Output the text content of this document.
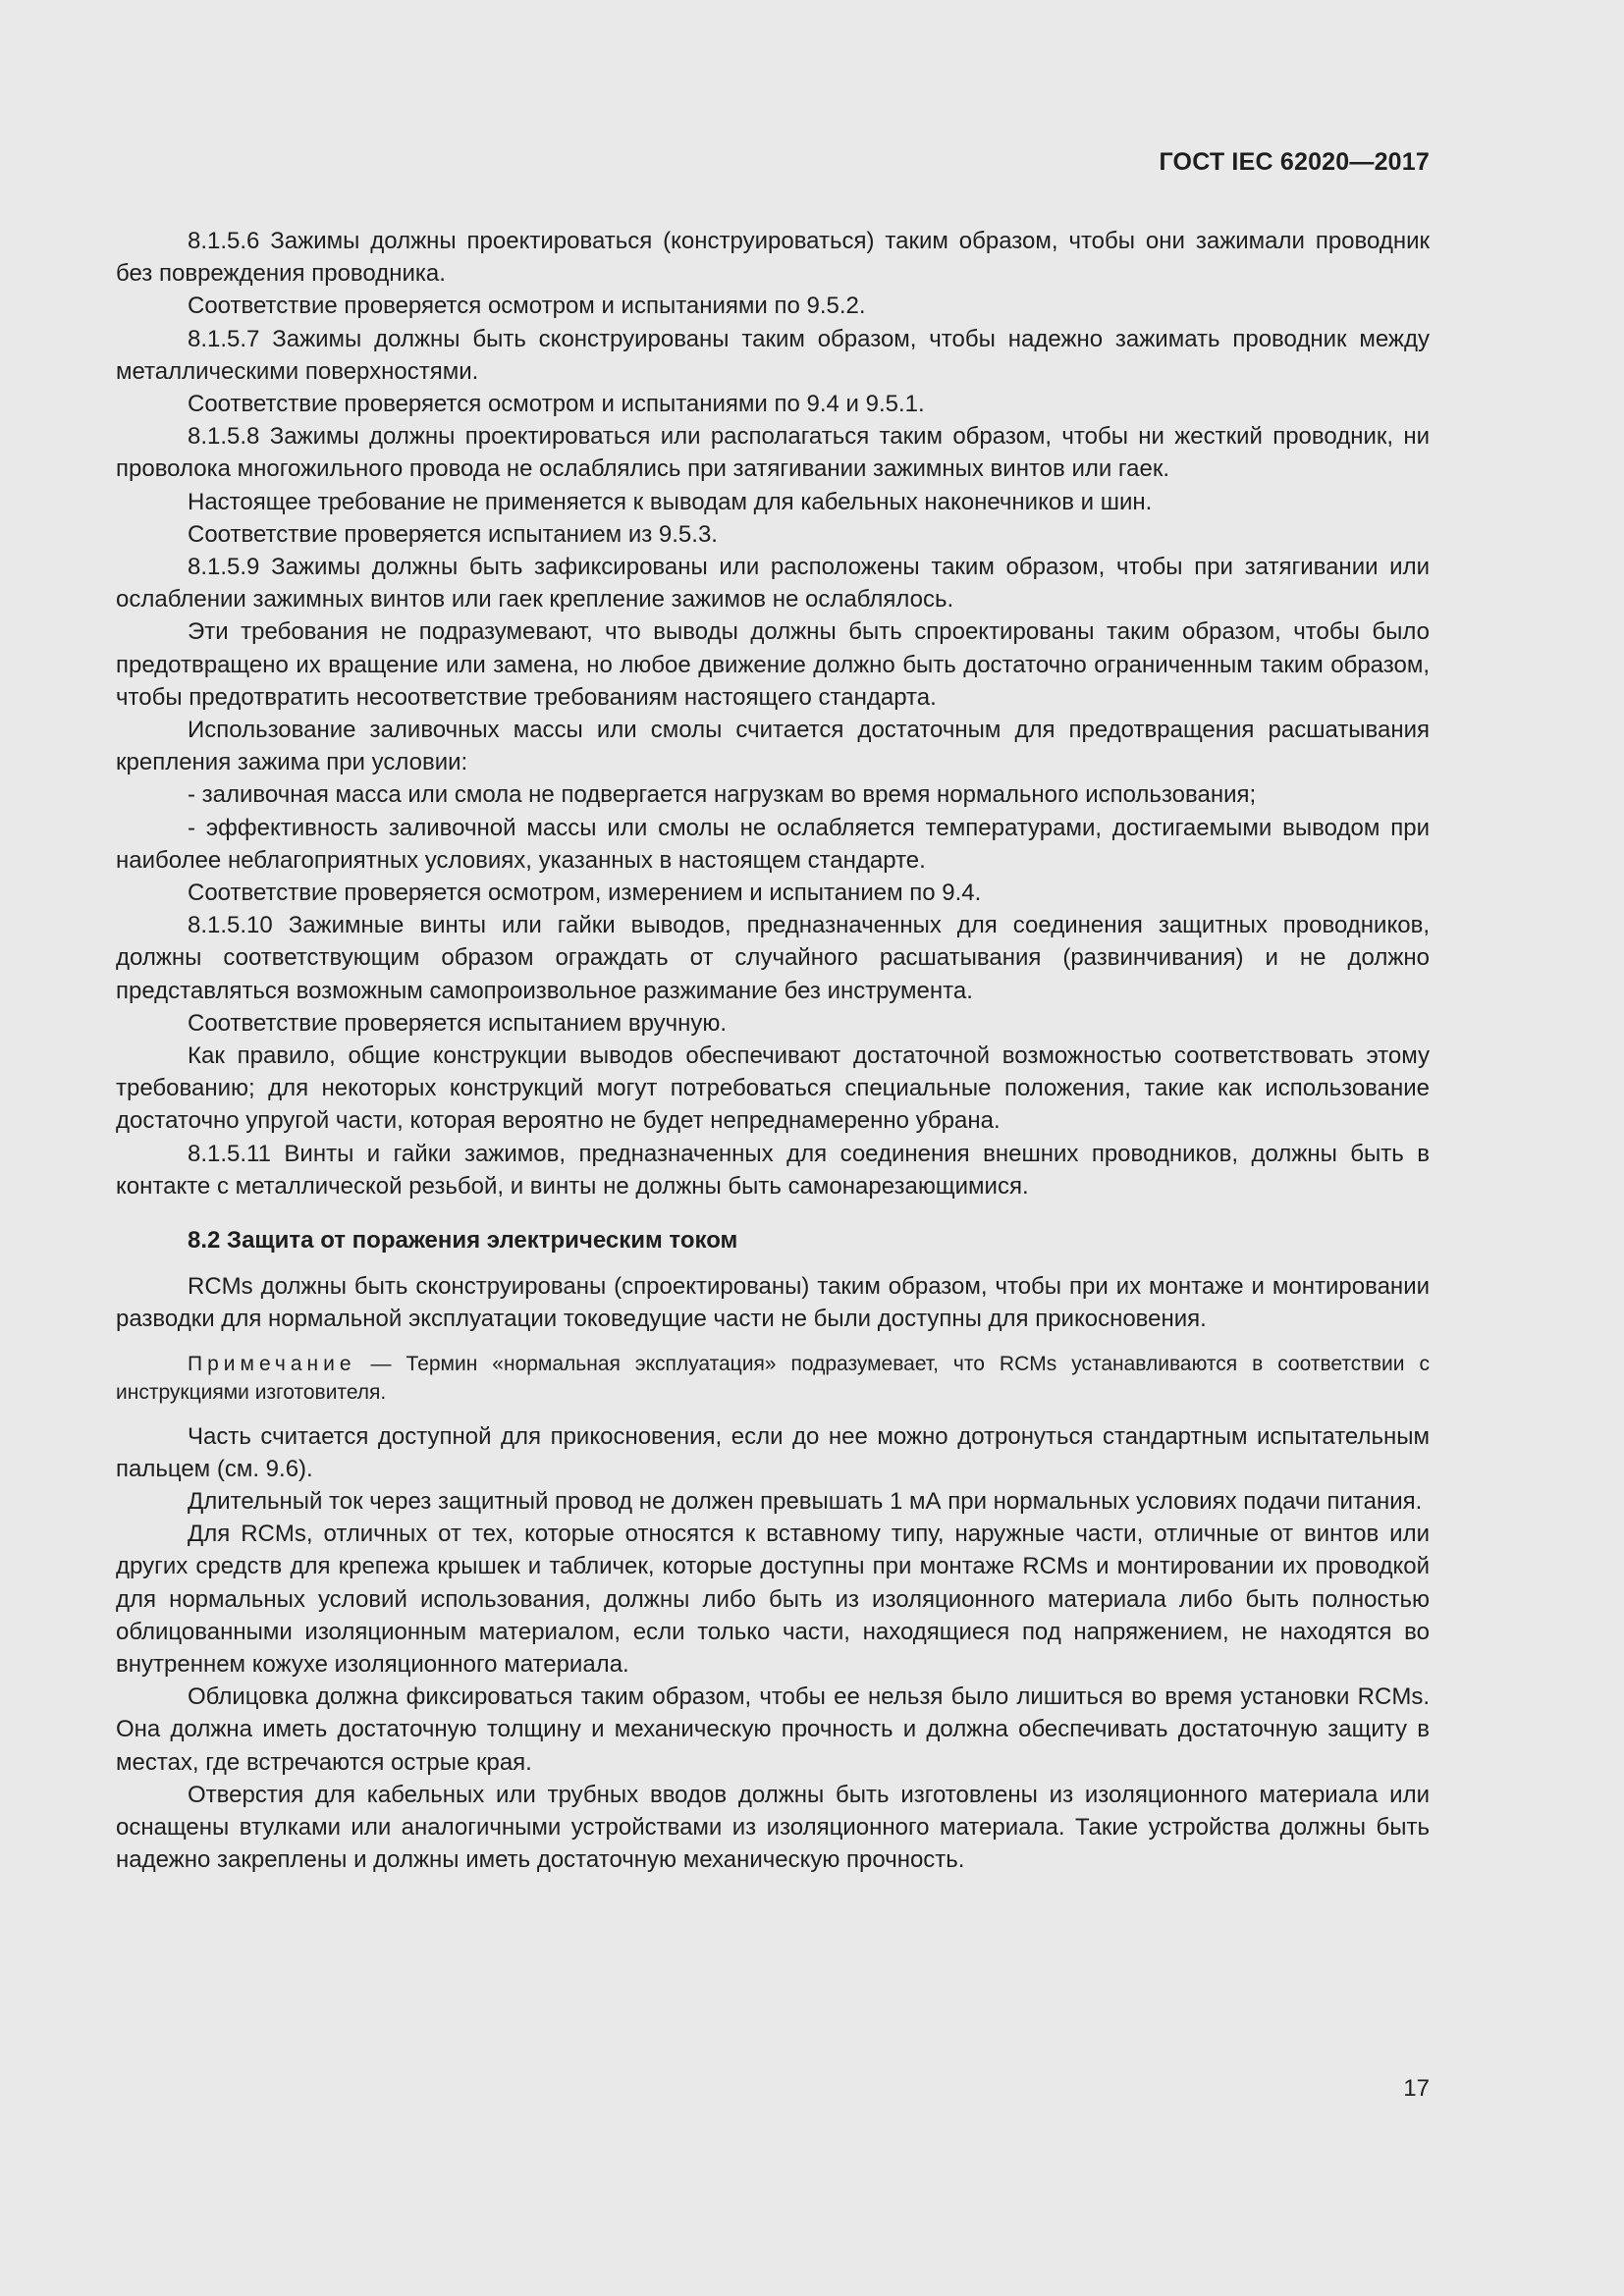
ГОСТ IEC 62020—2017

8.1.5.6 Зажимы должны проектироваться (конструироваться) таким образом, чтобы они зажимали проводник без повреждения проводника.

Соответствие проверяется осмотром и испытаниями по 9.5.2.

8.1.5.7 Зажимы должны быть сконструированы таким образом, чтобы надежно зажимать проводник между металлическими поверхностями.

Соответствие проверяется осмотром и испытаниями по 9.4 и 9.5.1.

8.1.5.8 Зажимы должны проектироваться или располагаться таким образом, чтобы ни жесткий проводник, ни проволока многожильного провода не ослаблялись при затягивании зажимных винтов или гаек.

Настоящее требование не применяется к выводам для кабельных наконечников и шин.

Соответствие проверяется испытанием из 9.5.3.

8.1.5.9 Зажимы должны быть зафиксированы или расположены таким образом, чтобы при затягивании или ослаблении зажимных винтов или гаек крепление зажимов не ослаблялось.

Эти требования не подразумевают, что выводы должны быть спроектированы таким образом, чтобы было предотвращено их вращение или замена, но любое движение должно быть достаточно ограниченным таким образом, чтобы предотвратить несоответствие требованиям настоящего стандарта.

Использование заливочных массы или смолы считается достаточным для предотвращения расшатывания крепления зажима при условии:

- заливочная масса или смола не подвергается нагрузкам во время нормального использования;

- эффективность заливочной массы или смолы не ослабляется температурами, достигаемыми выводом при наиболее неблагоприятных условиях, указанных в настоящем стандарте.

Соответствие проверяется осмотром, измерением и испытанием по 9.4.

8.1.5.10 Зажимные винты или гайки выводов, предназначенных для соединения защитных проводников, должны соответствующим образом ограждать от случайного расшатывания (развинчивания) и не должно представляться возможным самопроизвольное разжимание без инструмента.

Соответствие проверяется испытанием вручную.

Как правило, общие конструкции выводов обеспечивают достаточной возможностью соответствовать этому требованию; для некоторых конструкций могут потребоваться специальные положения, такие как использование достаточно упругой части, которая вероятно не будет непреднамеренно убрана.

8.1.5.11 Винты и гайки зажимов, предназначенных для соединения внешних проводников, должны быть в контакте с металлической резьбой, и винты не должны быть самонарезающимися.

8.2 Защита от поражения электрическим током

RCMs должны быть сконструированы (спроектированы) таким образом, чтобы при их монтаже и монтировании разводки для нормальной эксплуатации токоведущие части не были доступны для прикосновения.

Примечание — Термин «нормальная эксплуатация» подразумевает, что RCMs устанавливаются в соответствии с инструкциями изготовителя.

Часть считается доступной для прикосновения, если до нее можно дотронуться стандартным испытательным пальцем (см. 9.6).

Длительный ток через защитный провод не должен превышать 1 мА при нормальных условиях подачи питания.

Для RCMs, отличных от тех, которые относятся к вставному типу, наружные части, отличные от винтов или других средств для крепежа крышек и табличек, которые доступны при монтаже RCMs и монтировании их проводкой для нормальных условий использования, должны либо быть из изоляционного материала либо быть полностью облицованными изоляционным материалом, если только части, находящиеся под напряжением, не находятся во внутреннем кожухе изоляционного материала.

Облицовка должна фиксироваться таким образом, чтобы ее нельзя было лишиться во время установки RCMs. Она должна иметь достаточную толщину и механическую прочность и должна обеспечивать достаточную защиту в местах, где встречаются острые края.

Отверстия для кабельных или трубных вводов должны быть изготовлены из изоляционного материала или оснащены втулками или аналогичными устройствами из изоляционного материала. Такие устройства должны быть надежно закреплены и должны иметь достаточную механическую прочность.

17
